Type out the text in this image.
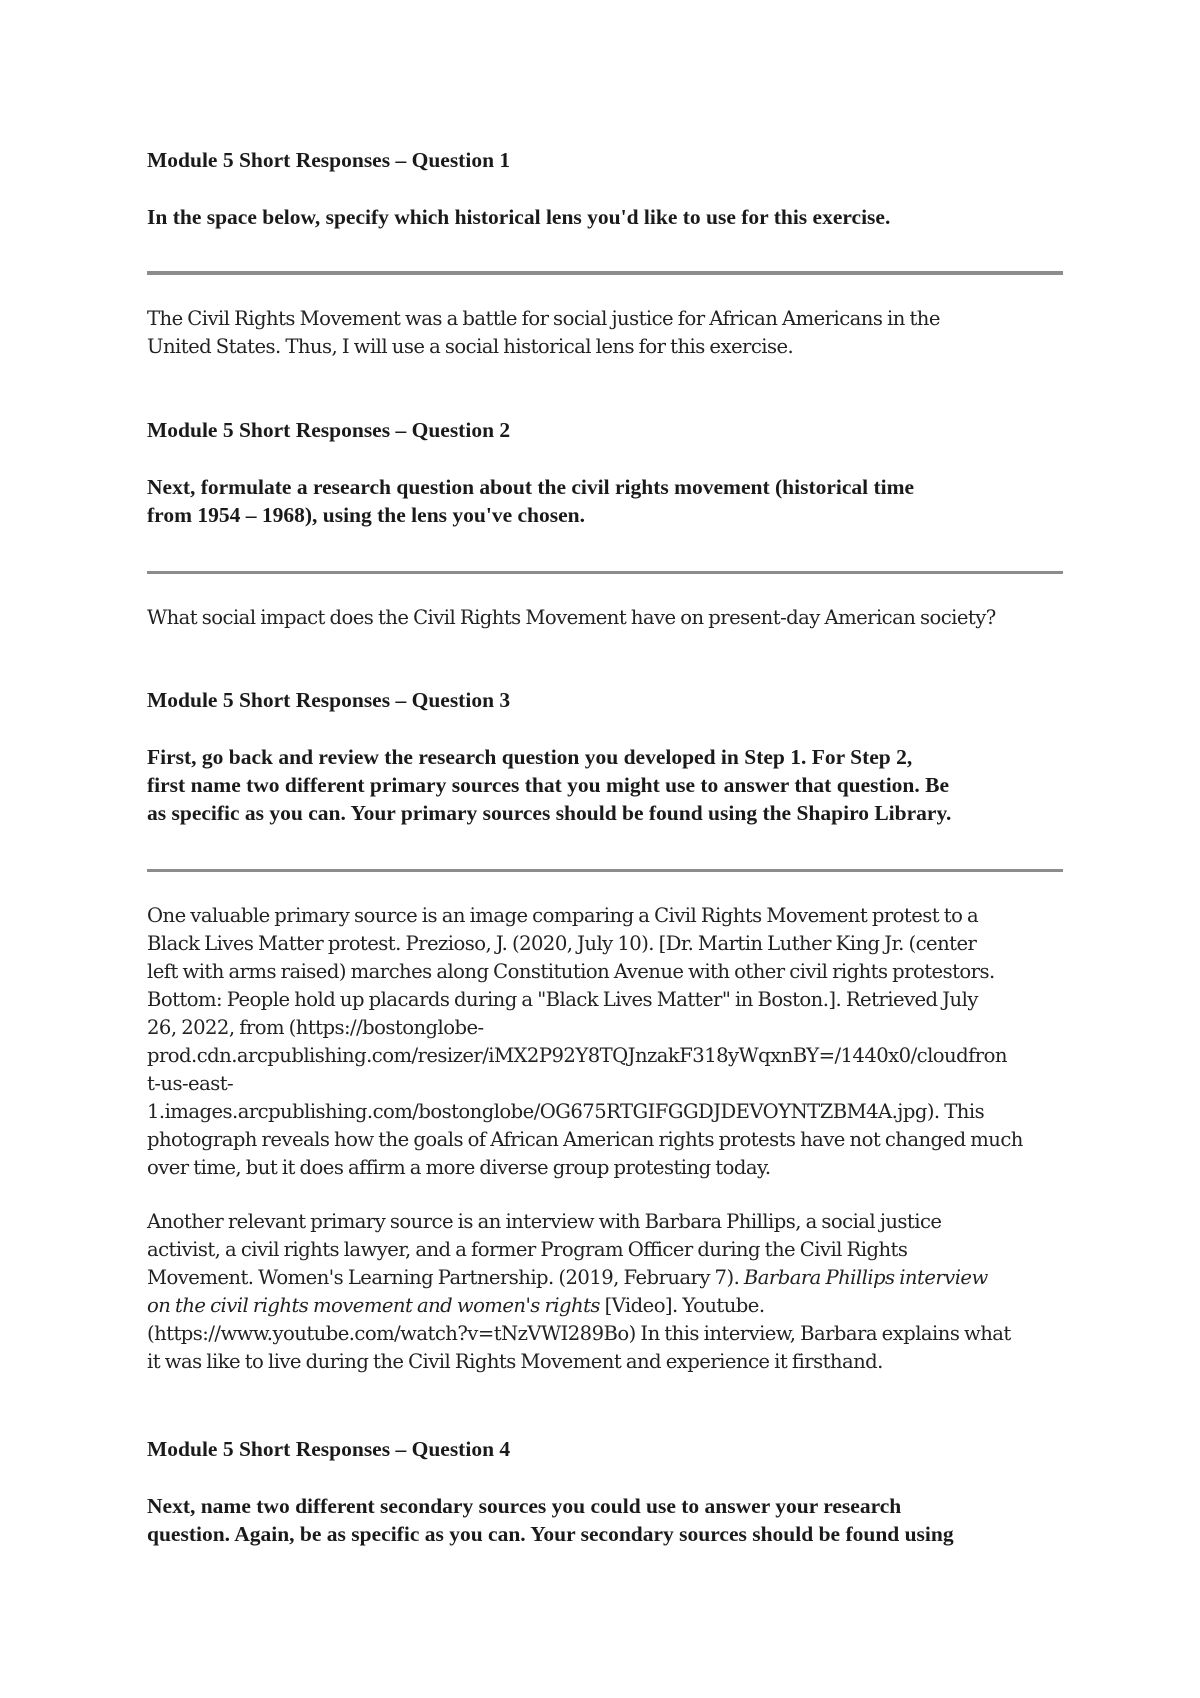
Module 5 Short Responses – Question 1
In the space below, specify which historical lens you'd like to use for this exercise.
The Civil Rights Movement was a battle for social justice for African Americans in the
United States. Thus, I will use a social historical lens for this exercise.
Module 5 Short Responses – Question 2
Next, formulate a research question about the civil rights movement (historical time
from 1954 – 1968), using the lens you've chosen.
What social impact does the Civil Rights Movement have on present-day American society?
Module 5 Short Responses – Question 3
First, go back and review the research question you developed in Step 1. For Step 2,
first name two different primary sources that you might use to answer that question. Be
as specific as you can. Your primary sources should be found using the Shapiro Library.
One valuable primary source is an image comparing a Civil Rights Movement protest to a
Black Lives Matter protest. Prezioso, J. (2020, July 10). [Dr. Martin Luther King Jr. (center
left with arms raised) marches along Constitution Avenue with other civil rights protestors.
Bottom: People hold up placards during a "Black Lives Matter" in Boston.]. Retrieved July
26, 2022, from (https://bostonglobe-
prod.cdn.arcpublishing.com/resizer/iMX2P92Y8TQJnzakF318yWqxnBY=/1440x0/cloudfron
t-us-east-
1.images.arcpublishing.com/bostonglobe/OG675RTGIFGGDJDEVOYNTZBM4A.jpg). This
photograph reveals how the goals of African American rights protests have not changed much
over time, but it does affirm a more diverse group protesting today.
Another relevant primary source is an interview with Barbara Phillips, a social justice
activist, a civil rights lawyer, and a former Program Officer during the Civil Rights
Movement. Women's Learning Partnership. (2019, February 7). Barbara Phillips interview
on the civil rights movement and women's rights [Video]. Youtube.
(https://www.youtube.com/watch?v=tNzVWI289Bo) In this interview, Barbara explains what
it was like to live during the Civil Rights Movement and experience it firsthand.
Module 5 Short Responses – Question 4
Next, name two different secondary sources you could use to answer your research
question. Again, be as specific as you can. Your secondary sources should be found using
